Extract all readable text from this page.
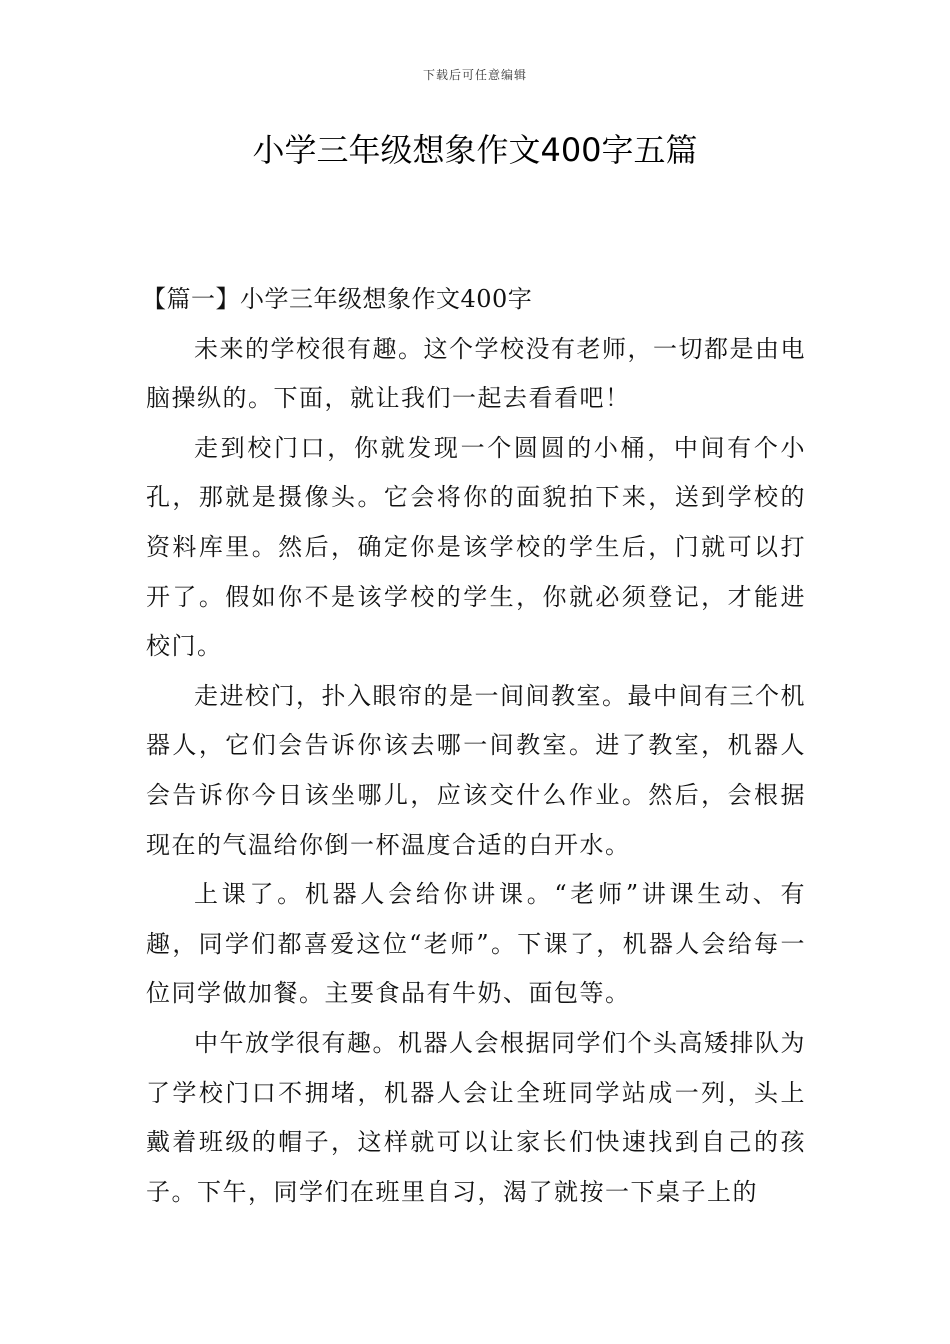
下载后可任意编辑
小学三年级想象作文400字五篇
【篇一】小学三年级想象作文400字

未来的学校很有趣。这个学校没有老师，一切都是由电脑操纵的。下面，就让我们一起去看看吧！

走到校门口，你就发现一个圆圆的小桶，中间有个小孔，那就是摄像头。它会将你的面貌拍下来，送到学校的资料库里。然后，确定你是该学校的学生后，门就可以打开了。假如你不是该学校的学生，你就必须登记，才能进校门。

走进校门，扑入眼帘的是一间间教室。最中间有三个机器人，它们会告诉你该去哪一间教室。进了教室，机器人会告诉你今日该坐哪儿，应该交什么作业。然后，会根据现在的气温给你倒一杯温度合适的白开水。

上课了。机器人会给你讲课。“老师”讲课生动、有趣，同学们都喜爱这位“老师”。下课了，机器人会给每一位同学做加餐。主要食品有牛奶、面包等。

中午放学很有趣。机器人会根据同学们个头高矮排队为了学校门口不拥堵，机器人会让全班同学站成一列，头上戴着班级的帽子，这样就可以让家长们快速找到自己的孩子。下午，同学们在班里自习，渴了就按一下桌子上的
